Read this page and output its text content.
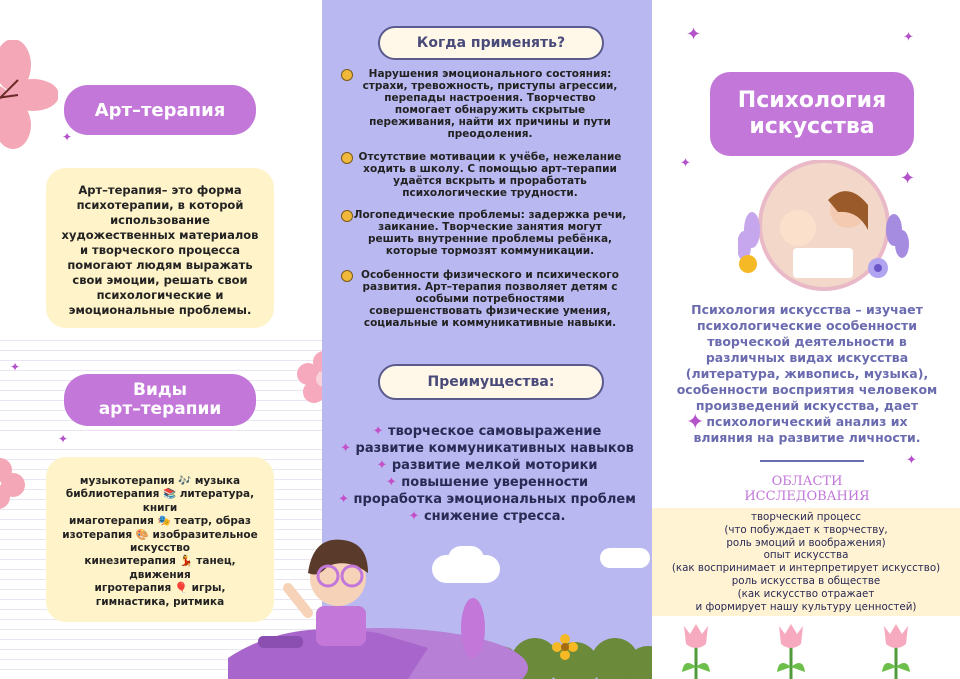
Арт–терапия
Арт–терапия– это форма
психотерапии, в которой
использование
художественных материалов
и творческого процесса
помогают людям выражать
свои эмоции, решать свои
психологические и
эмоциональные проблемы.
✦
✦
✦
Виды
арт–терапии
музыкотерапия 🎶 музыка
библиотерапия 📚 литература,
книги
имаготерапия 🎭 театр, образ
изотерапия 🎨 изобразительное
искусство
кинезитерапия 💃 танец,
движения
игротерапия 🎈 игры,
гимнастика, ритмика
Когда применять?
Нарушения эмоционального состояния:
страхи, тревожность, приступы агрессии,
перепады настроения. Творчество
помогает обнаружить скрытые
переживания, найти их причины и пути
преодоления.
Отсутствие мотивации к учёбе, нежелание
ходить в школу. С помощью арт–терапии
удаётся вскрыть и проработать
психологические трудности.
Логопедические проблемы: задержка речи,
заикание. Творческие занятия могут
решить внутренние проблемы ребёнка,
которые тормозят коммуникации.
Особенности физического и психического
развития. Арт–терапия позволяет детям с
особыми потребностями
совершенствовать физические умения,
социальные и коммуникативные навыки.
Преимущества:
✦ творческое самовыражение
✦ развитие коммуникативных навыков
✦ развитие мелкой моторики
✦ повышение уверенности
✦ проработка эмоциональных проблем
✦ снижение стресса.
✦	✦
✦
✦
✦
✦
Психология
искусства
Психология искусства – изучает
психологические особенности
творческой деятельности в
различных видах искусства
(литература, живопись, музыка),
особенности восприятия человеком
произведений искусства, дает
психологический анализ их
влияния на развитие личности.
ОБЛАСТИ
ИССЛЕДОВАНИЯ
творческий процесс
(что побуждает к творчеству,
роль эмоций и воображения)
опыт искусства
(как воспринимает и интерпретирует искусство)
роль искусства в обществе
(как искусство отражает
и формирует нашу культуру ценностей)
